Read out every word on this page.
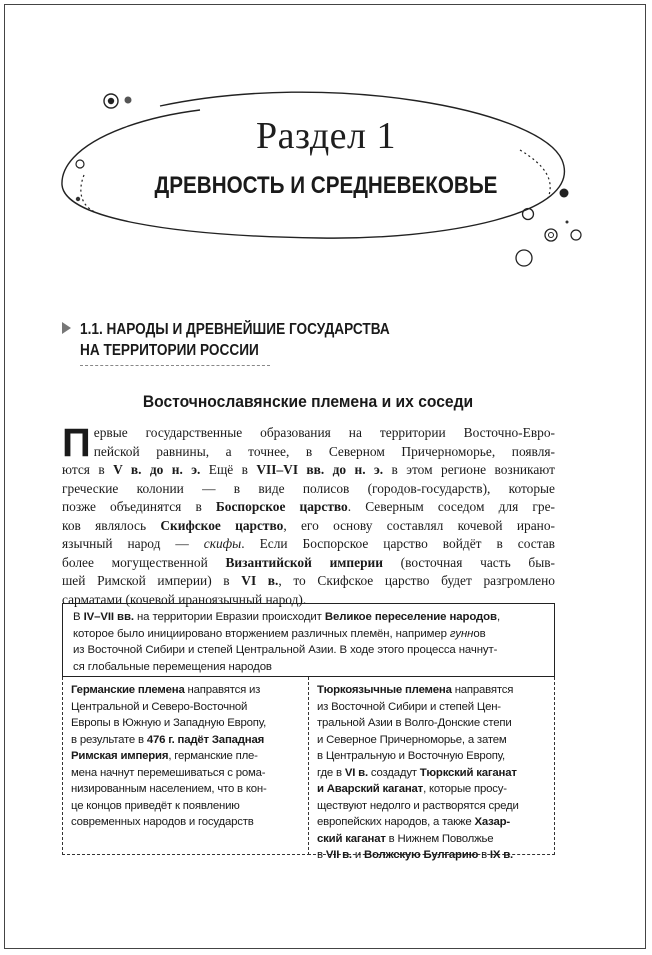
Раздел 1
ДРЕВНОСТЬ И СРЕДНЕВЕКОВЬЕ
1.1. НАРОДЫ И ДРЕВНЕЙШИЕ ГОСУДАРСТВА
НА ТЕРРИТОРИИ РОССИИ
Восточнославянские племена и их соседи
П ервые государственные образования на территории Восточно-Евро-
пейской равнины, а точнее, в Северном Причерноморье, появля-
ются в V в. до н. э. Ещё в VII–VI вв. до н. э. в этом регионе возникают
греческие колонии — в виде полисов (городов-государств), которые
позже объединятся в Боспорское царство. Северным соседом для гре-
ков являлось Скифское царство, его основу составлял кочевой ирано-
язычный народ — скифы. Если Боспорское царство войдёт в состав
более могущественной Византийской империи (восточная часть быв-
шей Римской империи) в VI в., то Скифское царство будет разгромлено
сарматами (кочевой ираноязычный народ).
В IV–VII вв. на территории Евразии происходит Великое переселение народов,
которое было инициировано вторжением различных племён, например гуннов
из Восточной Сибири и степей Центральной Азии. В ходе этого процесса начнут-
ся глобальные перемещения народов
Германские племена направятся из
Центральной и Северо-Восточной
Европы в Южную и Западную Европу,
в результате в 476 г. падёт Западная
Римская империя, германские пле-
мена начнут перемешиваться с рома-
низированным населением, что в кон-
це концов приведёт к появлению
современных народов и государств
Тюркоязычные племена направятся
из Восточной Сибири и степей Цен-
тральной Азии в Волго-Донские степи
и Северное Причерноморье, а затем
в Центральную и Восточную Европу,
где в VI в. создадут Тюркский каганат
и Аварский каганат, которые просу-
ществуют недолго и растворятся среди
европейских народов, а также Хазар-
ский каганат в Нижнем Поволжье
в VII в. и Волжскую Булгарию в IX в.
